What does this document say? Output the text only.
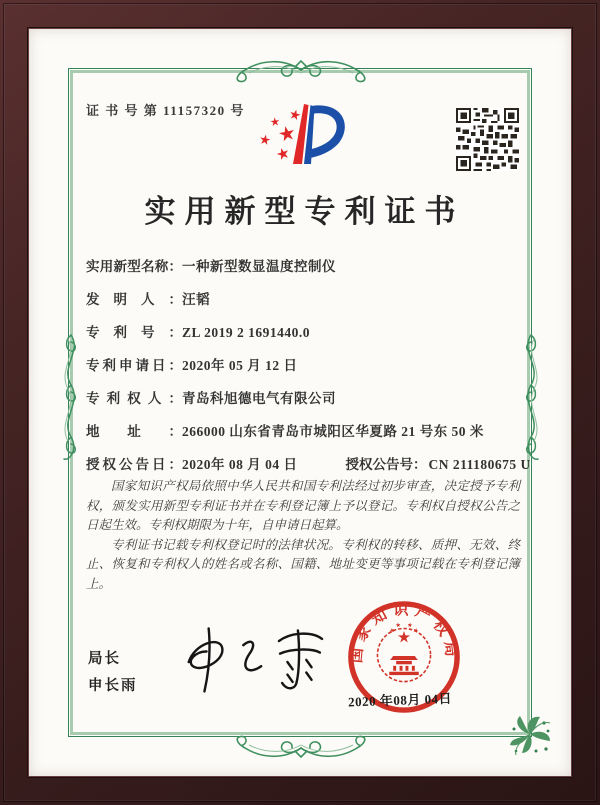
证 书 号 第 11157320 号
实用新型专利证书
实用新型名称： 一种新型数显温度控制仪
发明人： 汪韬
专利号： ZL 2019 2 1691440.0
专利申请日： 2020年 05 月 12 日
专利权人： 青岛科旭德电气有限公司
地址： 266000 山东省青岛市城阳区华夏路 21 号东 50 米
授权公告日： 2020年 08 月 04 日	授权公告号： CN 211180675 U

国家知识产权局依照中华人民共和国专利法经过初步审查，决定授予专利权，颁发实用新型专利证书并在专利登记簿上予以登记。专利权自授权公告之日起生效。专利权期限为十年，自申请日起算。

专利证书记载专利权登记时的法律状况。专利权的转移、质押、无效、终止、恢复和专利权人的姓名或名称、国籍、地址变更等事项记载在专利登记簿上。

局长
申长雨
国家知识产权局
2020 年08月 04日
